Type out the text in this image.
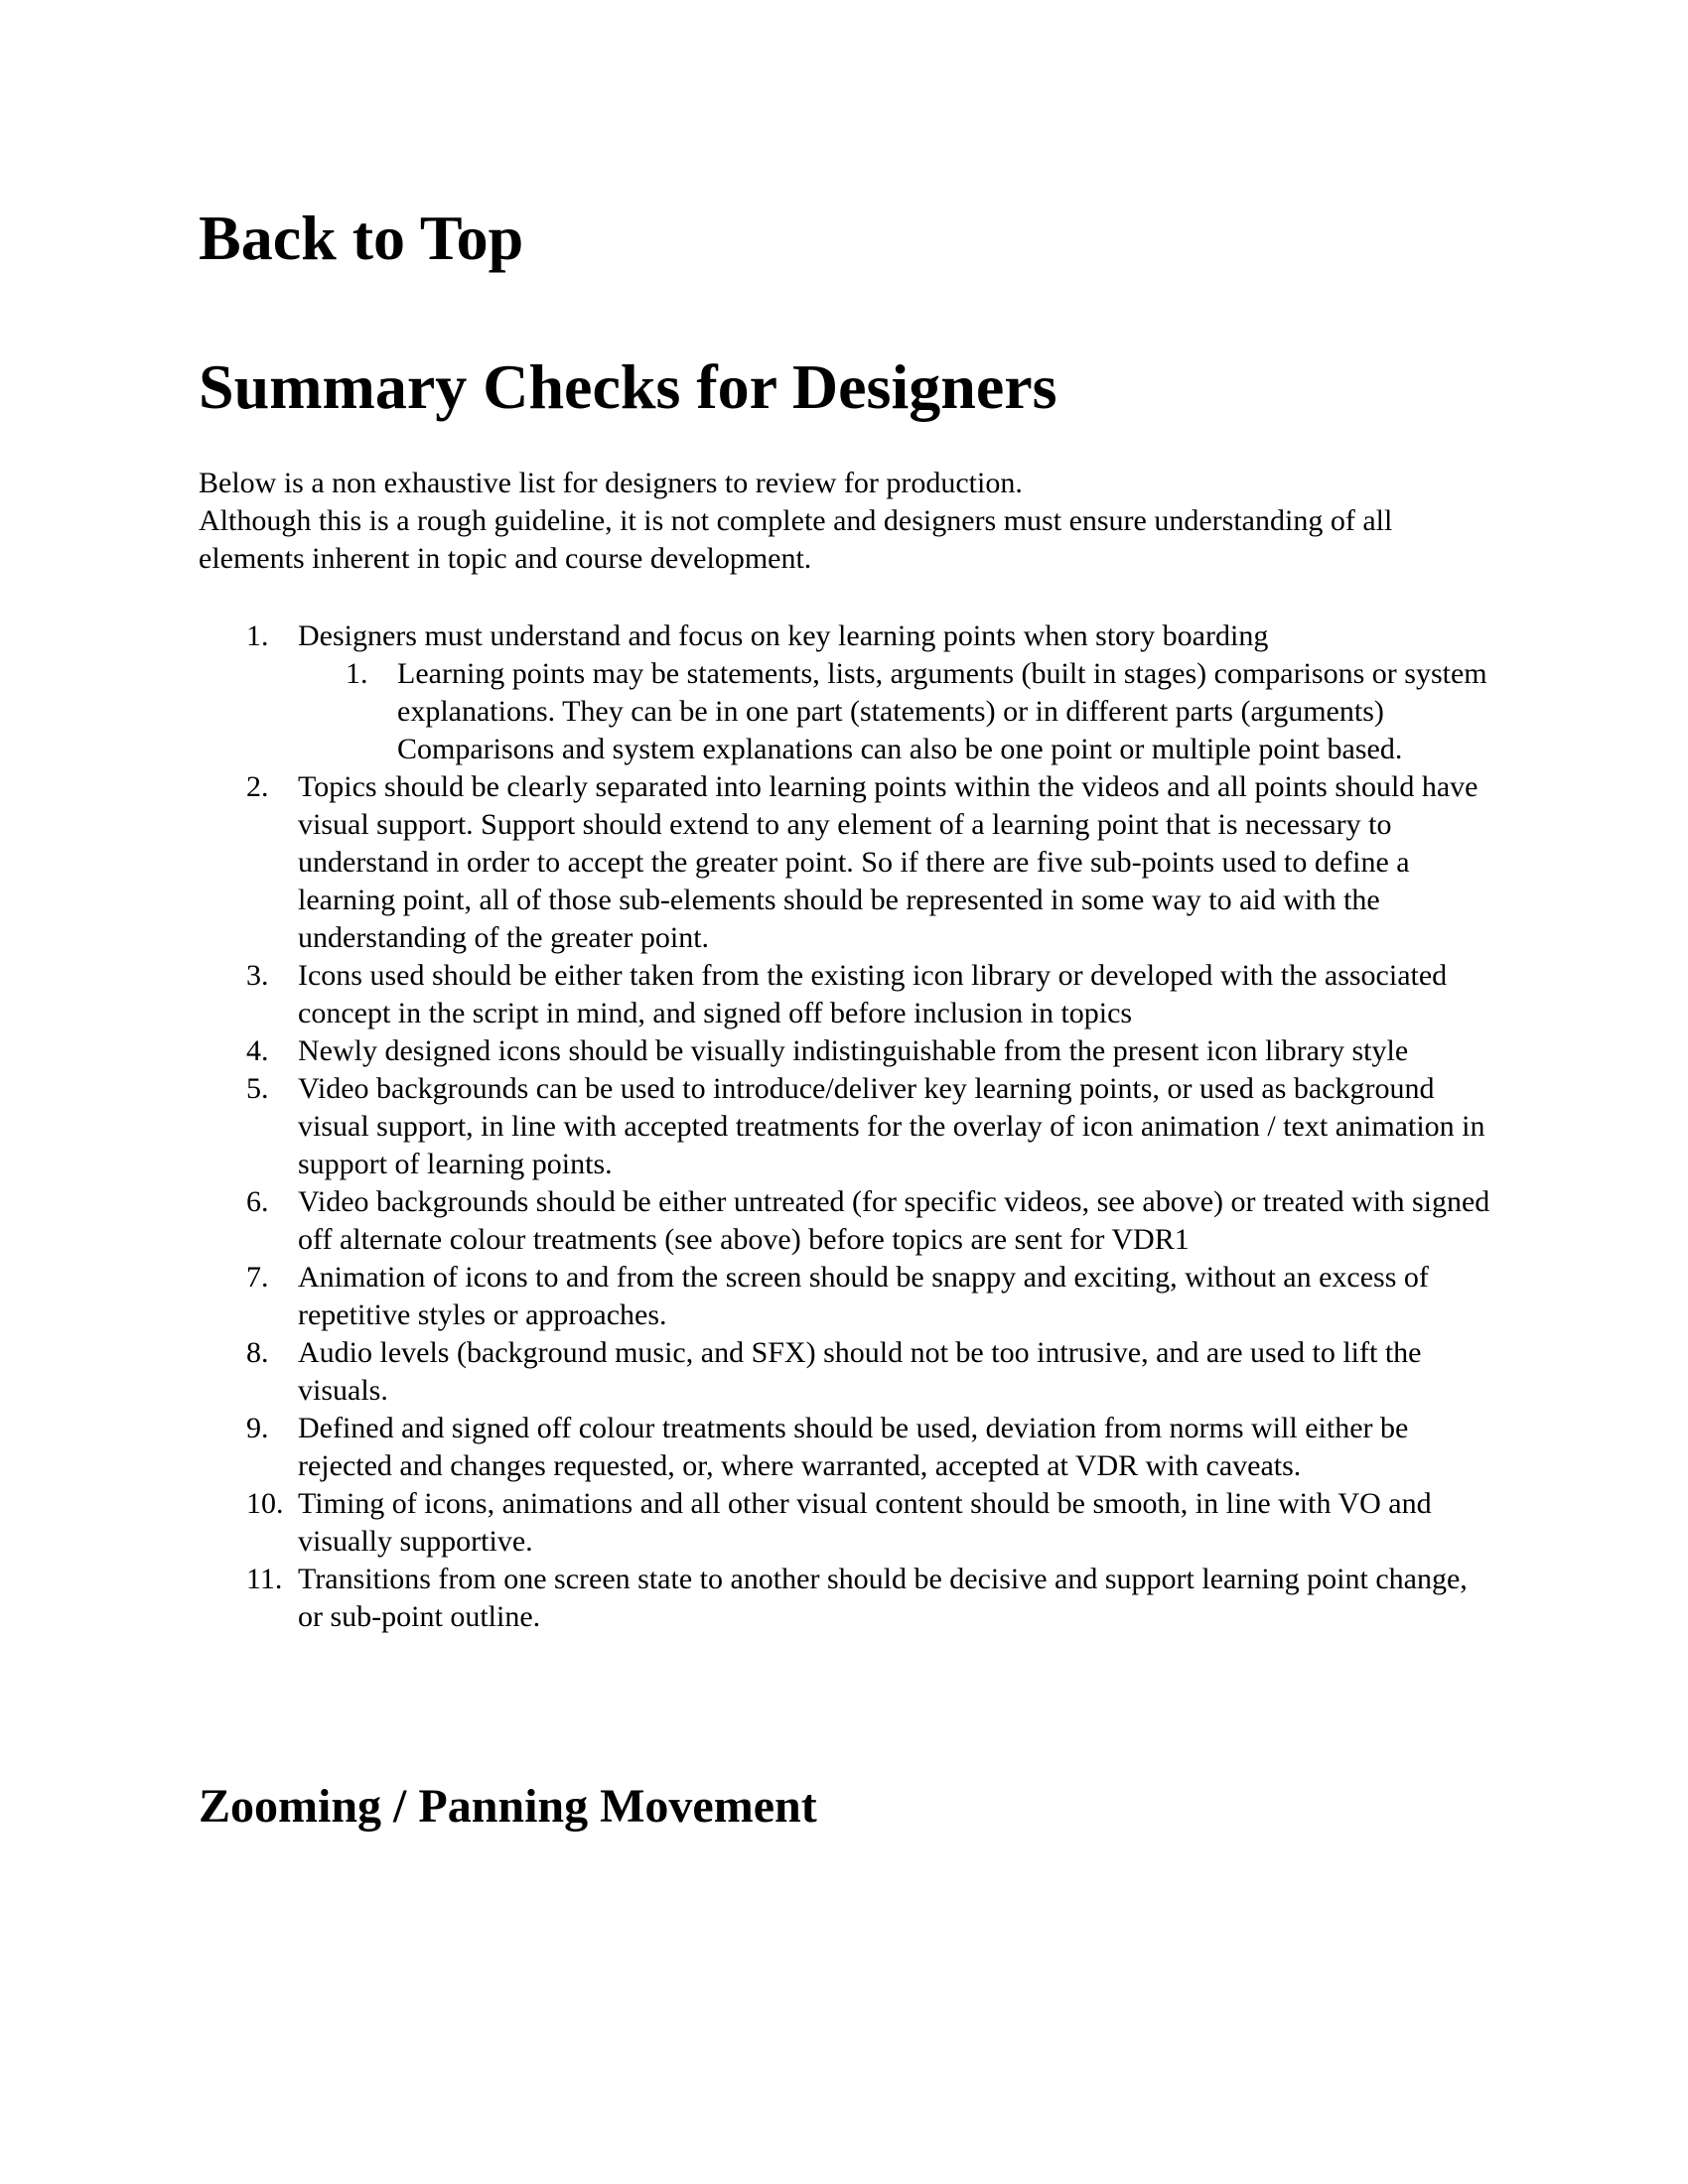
Back to Top
Summary Checks for Designers

Below is a non exhaustive list for designers to review for production.
Although this is a rough guideline, it is not complete and designers must ensure understanding of all elements inherent in topic and course development.

1. Designers must understand and focus on key learning points when story boarding
1. Learning points may be statements, lists, arguments (built in stages) comparisons or system explanations. They can be in one part (statements) or in different parts (arguments) Comparisons and system explanations can also be one point or multiple point based.
2. Topics should be clearly separated into learning points within the videos and all points should have visual support. Support should extend to any element of a learning point that is necessary to understand in order to accept the greater point. So if there are five sub-points used to define a learning point, all of those sub-elements should be represented in some way to aid with the understanding of the greater point.
3. Icons used should be either taken from the existing icon library or developed with the associated concept in the script in mind, and signed off before inclusion in topics
4. Newly designed icons should be visually indistinguishable from the present icon library style
5. Video backgrounds can be used to introduce/deliver key learning points, or used as background visual support, in line with accepted treatments for the overlay of icon animation / text animation in support of learning points.
6. Video backgrounds should be either untreated (for specific videos, see above) or treated with signed off alternate colour treatments (see above) before topics are sent for VDR1
7. Animation of icons to and from the screen should be snappy and exciting, without an excess of repetitive styles or approaches.
8. Audio levels (background music, and SFX) should not be too intrusive, and are used to lift the visuals.
9. Defined and signed off colour treatments should be used, deviation from norms will either be rejected and changes requested, or, where warranted, accepted at VDR with caveats.
10. Timing of icons, animations and all other visual content should be smooth, in line with VO and visually supportive.
11. Transitions from one screen state to another should be decisive and support learning point change, or sub-point outline.
Zooming / Panning Movement
